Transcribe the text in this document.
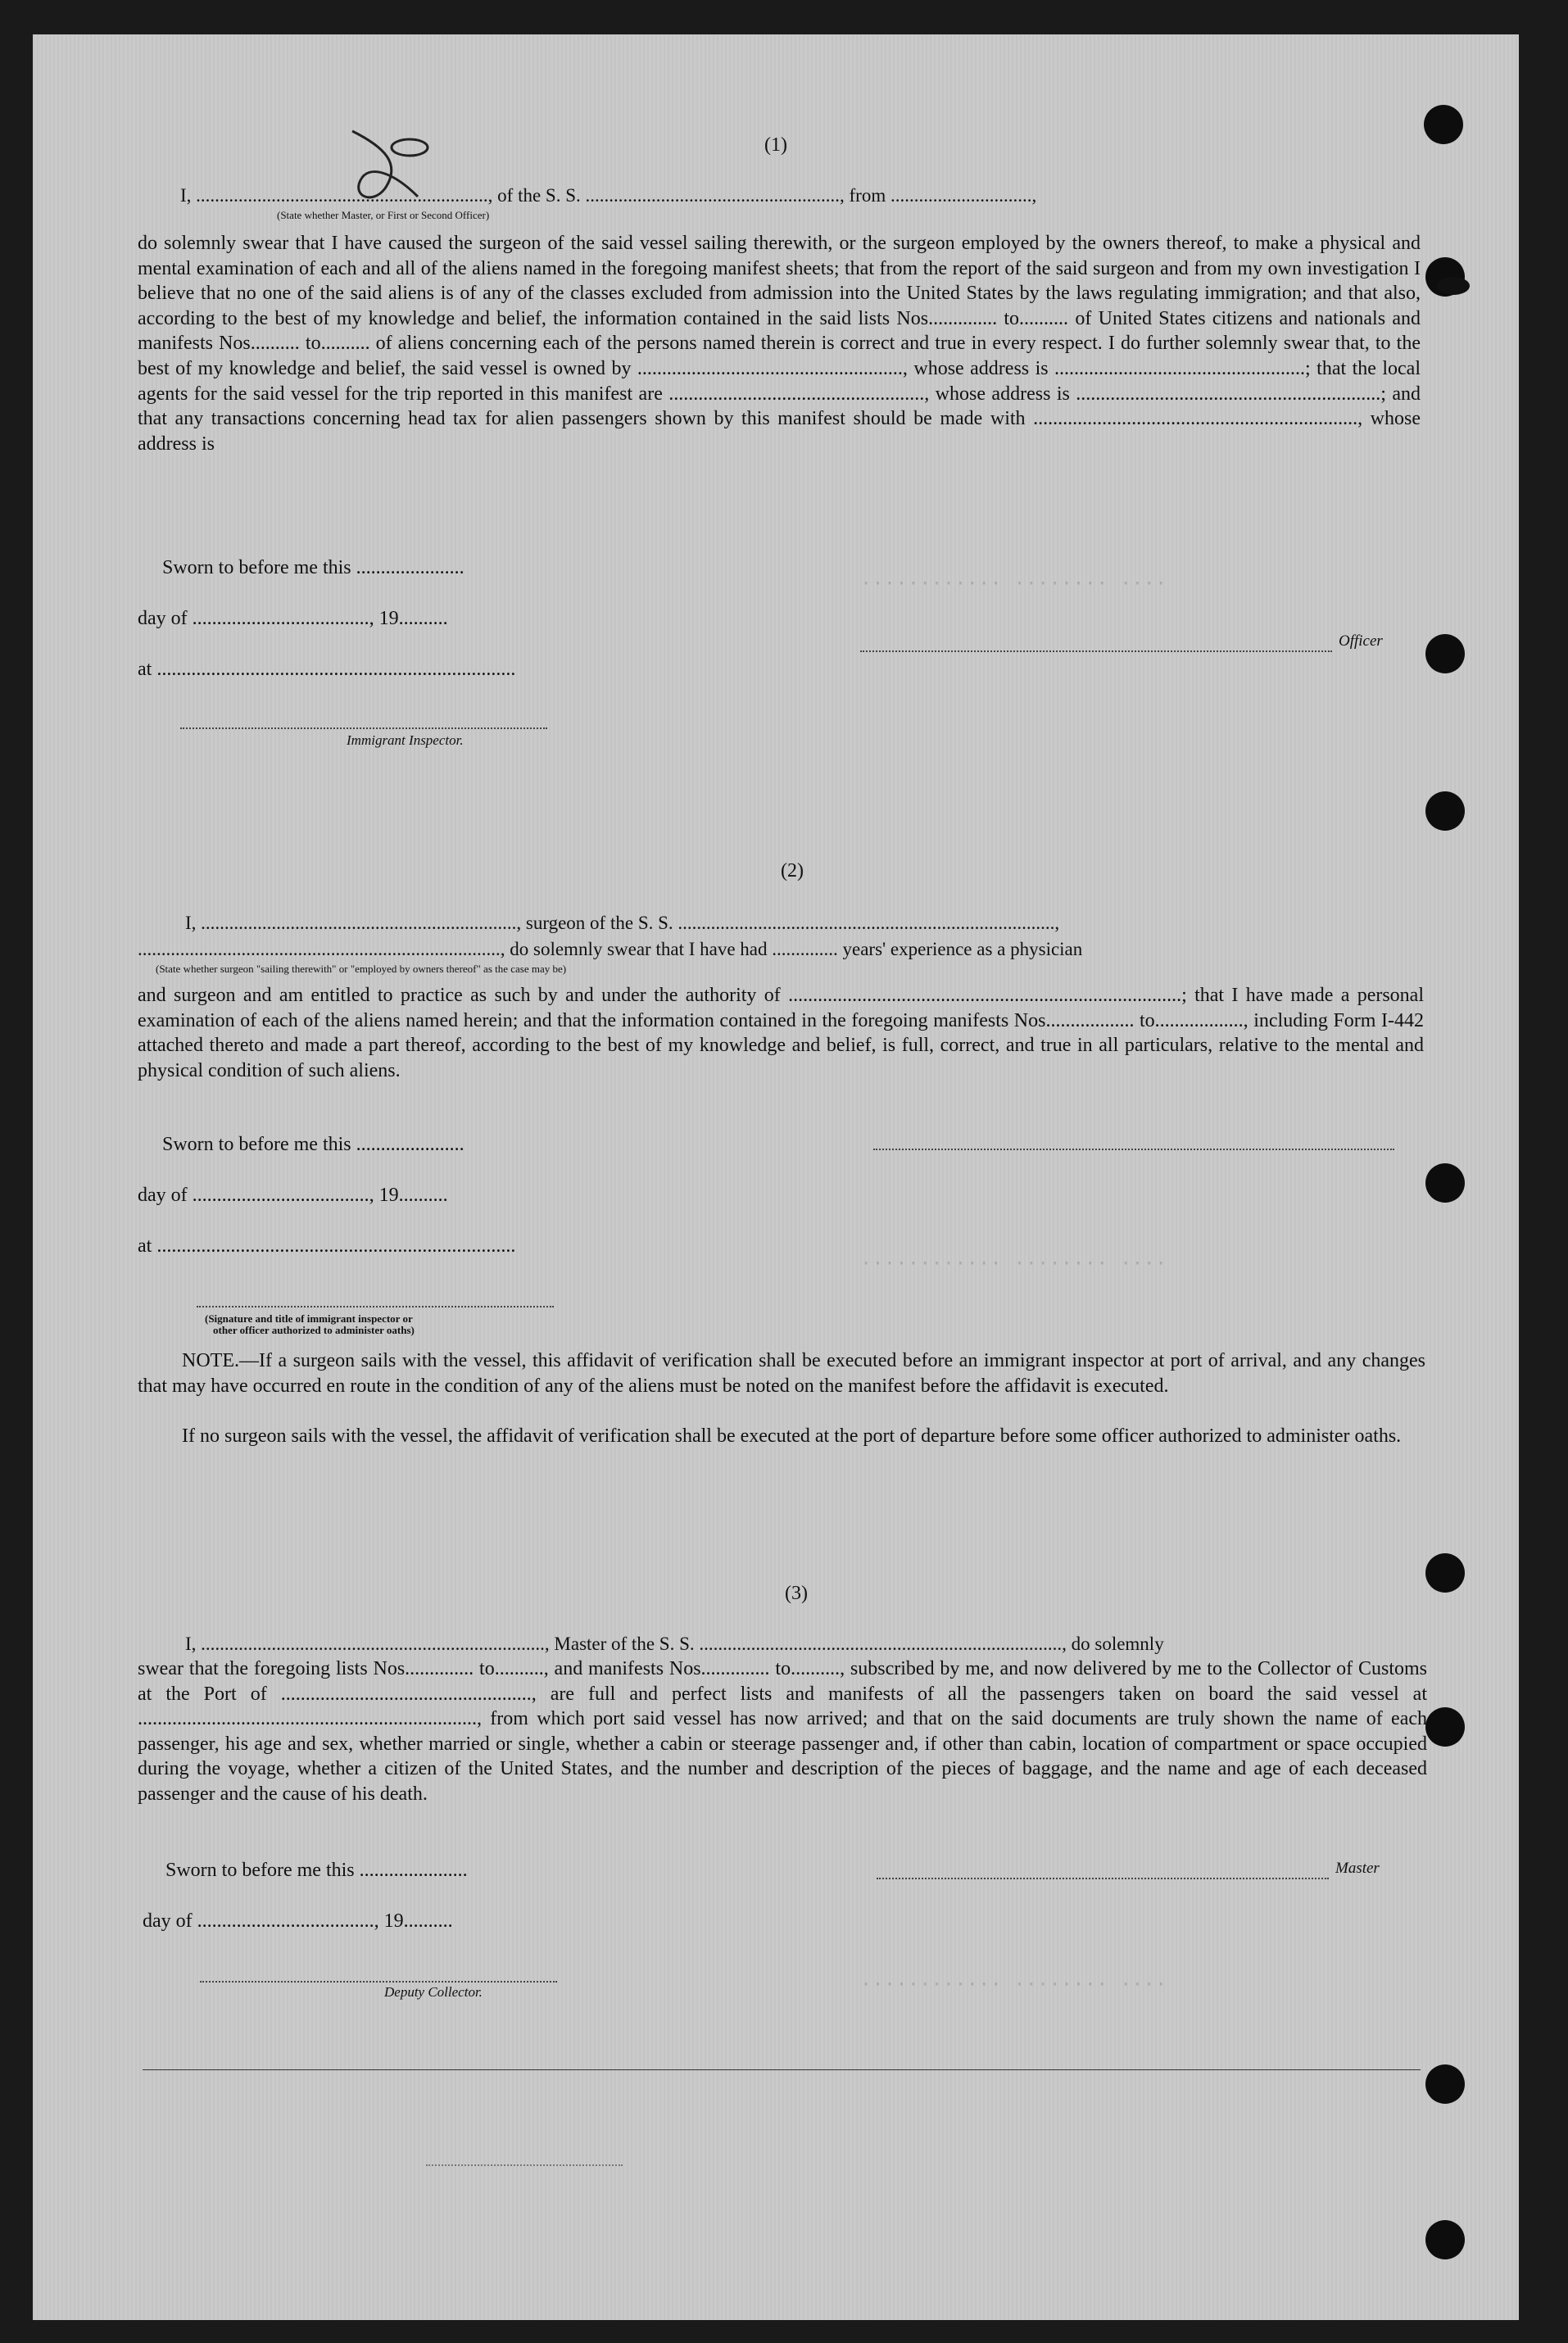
............ ........ ....
............ ........ ....
............ ........ ....
(1)
I, .............................................................., of the S. S. ......................................................, from ..............................,
(State whether Master, or First or Second Officer)
do solemnly swear that I have caused the surgeon of the said vessel sailing therewith, or the surgeon employed by the owners thereof, to make a physical and mental examination of each and all of the aliens named in the foregoing manifest sheets; that from the report of the said surgeon and from my own investigation I believe that no one of the said aliens is of any of the classes excluded from admission into the United States by the laws regulating immigration; and that also, according to the best of my knowledge and belief, the information contained in the said lists Nos.............. to.......... of United States citizens and nationals and manifests Nos.......... to.......... of aliens concerning each of the persons named therein is correct and true in every respect. I do further solemnly swear that, to the best of my knowledge and belief, the said vessel is owned by ......................................................, whose address is ...................................................; that the local agents for the said vessel for the trip reported in this manifest are ...................................................., whose address is ..............................................................; and that any transactions concerning head tax for alien passengers shown by this manifest should be made with .................................................................., whose address is
Sworn to before me this ......................
day of ...................................., 19..........
at .........................................................................
Officer
Immigrant Inspector.
(2)
I, ..................................................................., surgeon of the S. S. ................................................................................,
............................................................................., do solemnly swear that I have had .............. years' experience as a physician
(State whether surgeon "sailing therewith" or "employed by owners thereof" as the case may be)
and surgeon and am entitled to practice as such by and under the authority of ................................................................................; that I have made a personal examination of each of the aliens named herein; and that the information contained in the foregoing manifests Nos.................. to.................., including Form I-442 attached thereto and made a part thereof, according to the best of my knowledge and belief, is full, correct, and true in all particulars, relative to the mental and physical condition of such aliens.
Sworn to before me this ......................
day of ...................................., 19..........
at .........................................................................
(Signature and title of immigrant inspector or
other officer authorized to administer oaths)
NOTE.—If a surgeon sails with the vessel, this affidavit of verification shall be executed before an immigrant inspector at port of arrival, and any changes that may have occurred en route in the condition of any of the aliens must be noted on the manifest before the affidavit is executed.
If no surgeon sails with the vessel, the affidavit of verification shall be executed at the port of departure before some officer authorized to administer oaths.
(3)
I, ........................................................................., Master of the S. S. ............................................................................., do solemnly
swear that the foregoing lists Nos.............. to.........., and manifests Nos.............. to.........., subscribed by me, and now delivered by me to the Collector of Customs at the Port of ..................................................., are full and perfect lists and manifests of all the passengers taken on board the said vessel at ....................................................................., from which port said vessel has now arrived; and that on the said documents are truly shown the name of each passenger, his age and sex, whether married or single, whether a cabin or steerage passenger and, if other than cabin, location of compartment or space occupied during the voyage, whether a citizen of the United States, and the number and description of the pieces of baggage, and the name and age of each deceased passenger and the cause of his death.
Sworn to before me this ......................
day of ...................................., 19..........
Master
Deputy Collector.
